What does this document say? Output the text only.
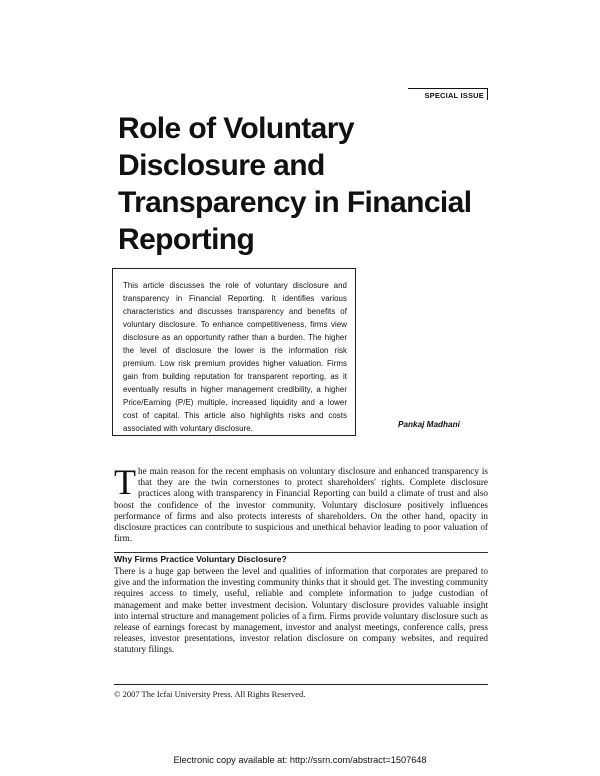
SPECIAL ISSUE
Role of Voluntary
Disclosure and
Transparency in Financial
Reporting
This article discusses the role of voluntary disclosure and transparency in Financial Reporting. It identifies various characteristics and discusses transparency and benefits of voluntary disclosure. To enhance competitiveness, firms view disclosure as an opportunity rather than a burden. The higher the level of disclosure the lower is the information risk premium. Low risk premium provides higher valuation. Firms gain from building reputation for transparent reporting, as it eventually results in higher management credibility, a higher Price/Earning (P/E) multiple, increased liquidity and a lower cost of capital. This article also highlights risks and costs associated with voluntary disclosure.	Pankaj Madhani

The main reason for the recent emphasis on voluntary disclosure and enhanced transparency is that they are the twin cornerstones to protect shareholders' rights. Complete disclosure practices along with transparency in Financial Reporting can build a climate of trust and also boost the confidence of the investor community. Voluntary disclosure positively influences performance of firms and also protects interests of shareholders. On the other hand, opacity in disclosure practices can contribute to suspicious and unethical behavior leading to poor valuation of firm.

Why Firms Practice Voluntary Disclosure?

There is a huge gap between the level and qualities of information that corporates are prepared to give and the information the investing community thinks that it should get. The investing community requires access to timely, useful, reliable and complete information to judge custodian of management and make better investment decision. Voluntary disclosure provides valuable insight into internal structure and management policies of a firm. Firms provide voluntary disclosure such as release of earnings forecast by management, investor and analyst meetings, conference calls, press releases, investor presentations, investor relation disclosure on company websites, and required statutory filings.

© 2007 The Icfai University Press. All Rights Reserved.
Electronic copy available at: http://ssrn.com/abstract=1507648
